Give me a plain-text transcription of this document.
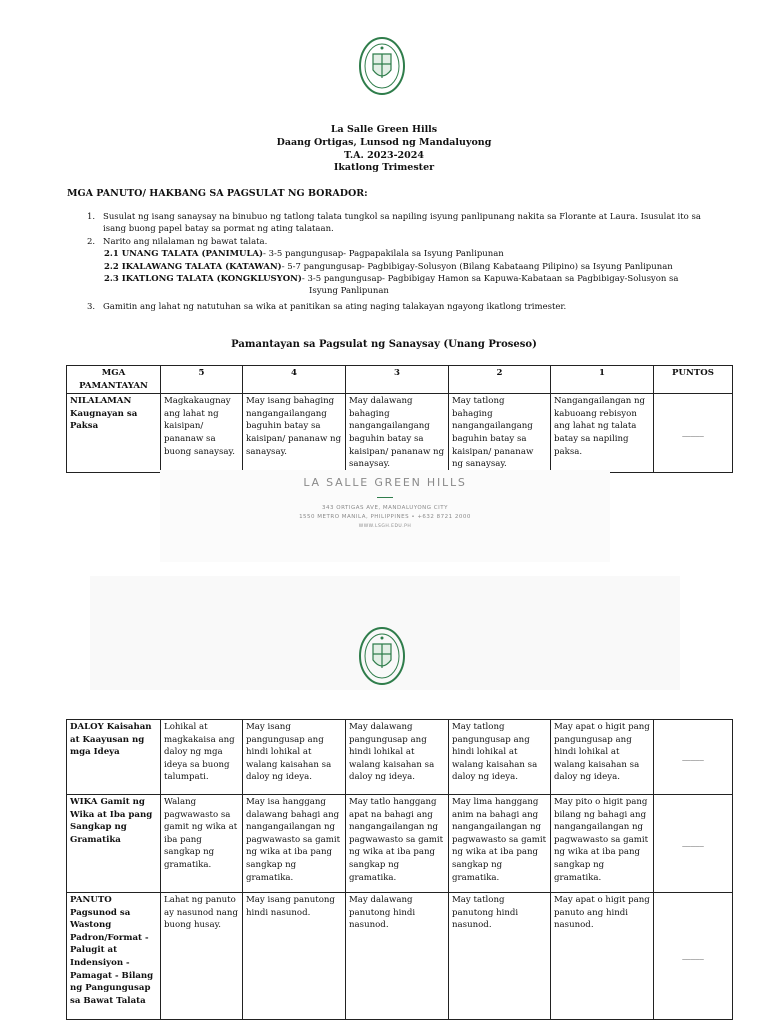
La Salle Green Hills
Daang Ortigas, Lunsod ng Mandaluyong
T.A. 2023-2024
Ikatlong Trimester
MGA PANUTO/ HAKBANG SA PAGSULAT NG BORADOR:
1. Susulat ng isang sanaysay na binubuo ng tatlong talata tungkol sa napiling isyung panlipunang nakita sa Florante at Laura. Isusulat ito sa isang buong papel batay sa pormat ng ating talataan.
2. Narito ang nilalaman ng bawat talata.
2.1 UNANG TALATA (PANIMULA)- 3-5 pangungusap- Pagpapakilala sa Isyung Panlipunan
2.2 IKALAWANG TALATA (KATAWAN)- 5-7 pangungusap- Pagbibigay-Solusyon (Bilang Kabataang Pilipino) sa Isyung Panlipunan
2.3 IKATLONG TALATA (KONGKLUSYON)- 3-5 pangungusap- Pagbibigay Hamon sa Kapuwa-Kabataan sa Pagbibigay-Solusyon sa
Isyung Panlipunan
3. Gamitin ang lahat ng natutuhan sa wika at panitikan sa ating naging talakayan ngayong ikatlong trimester.
Pamantayan sa Pagsulat ng Sanaysay (Unang Proseso)
MGA PAMANTAYAN	5	4	3	2	1	PUNTOS
NILALAMAN Kaugnayan sa Paksa	Magkakaugnay ang lahat ng kaisipan/ pananaw sa buong sanaysay.	May isang bahaging nangangailangang baguhin batay sa kaisipan/ pananaw ng sanaysay.	May dalawang bahaging nangangailangang baguhin batay sa kaisipan/ pananaw ng sanaysay.	May tatlong bahaging nangangailangang baguhin batay sa kaisipan/ pananaw ng sanaysay.	Nangangailangan ng kabuoang rebisyon ang lahat ng talata batay sa napiling paksa.	_____
LA SALLE GREEN HILLS
343 ORTIGAS AVE, MANDALUYONG CITY
1550 METRO MANILA, PHILIPPINES • +632 8721 2000
WWW.LSGH.EDU.PH
DALOY Kaisahan at Kaayusan ng mga Ideya	Lohikal at magkakaisa ang daloy ng mga ideya sa buong talumpati.	May isang pangungusap ang hindi lohikal at walang kaisahan sa daloy ng ideya.	May dalawang pangungusap ang hindi lohikal at walang kaisahan sa daloy ng ideya.	May tatlong pangungusap ang hindi lohikal at walang kaisahan sa daloy ng ideya.	May apat o higit pang pangungusap ang hindi lohikal at walang kaisahan sa daloy ng ideya.	_____
WIKA Gamit ng Wika at Iba pang Sangkap ng Gramatika	Walang pagwawasto sa gamit ng wika at iba pang sangkap ng gramatika.	May isa hanggang dalawang bahagi ang nangangailangan ng pagwawasto sa gamit ng wika at iba pang sangkap ng gramatika.	May tatlo hanggang apat na bahagi ang nangangailangan ng pagwawasto sa gamit ng wika at iba pang sangkap ng gramatika.	May lima hanggang anim na bahagi ang nangangailangan ng pagwawasto sa gamit ng wika at iba pang sangkap ng gramatika.	May pito o higit pang bilang ng bahagi ang nangangailangan ng pagwawasto sa gamit ng wika at iba pang sangkap ng gramatika.	_____
PANUTO Pagsunod sa Wastong Padron/Format - Palugit at Indensiyon - Pamagat - Bilang ng Pangungusap sa Bawat Talata	Lahat ng panuto ay nasunod nang buong husay.	May isang panutong hindi nasunod.	May dalawang panutong hindi nasunod.	May tatlong panutong hindi nasunod.	May apat o higit pang panuto ang hindi nasunod.	_____
